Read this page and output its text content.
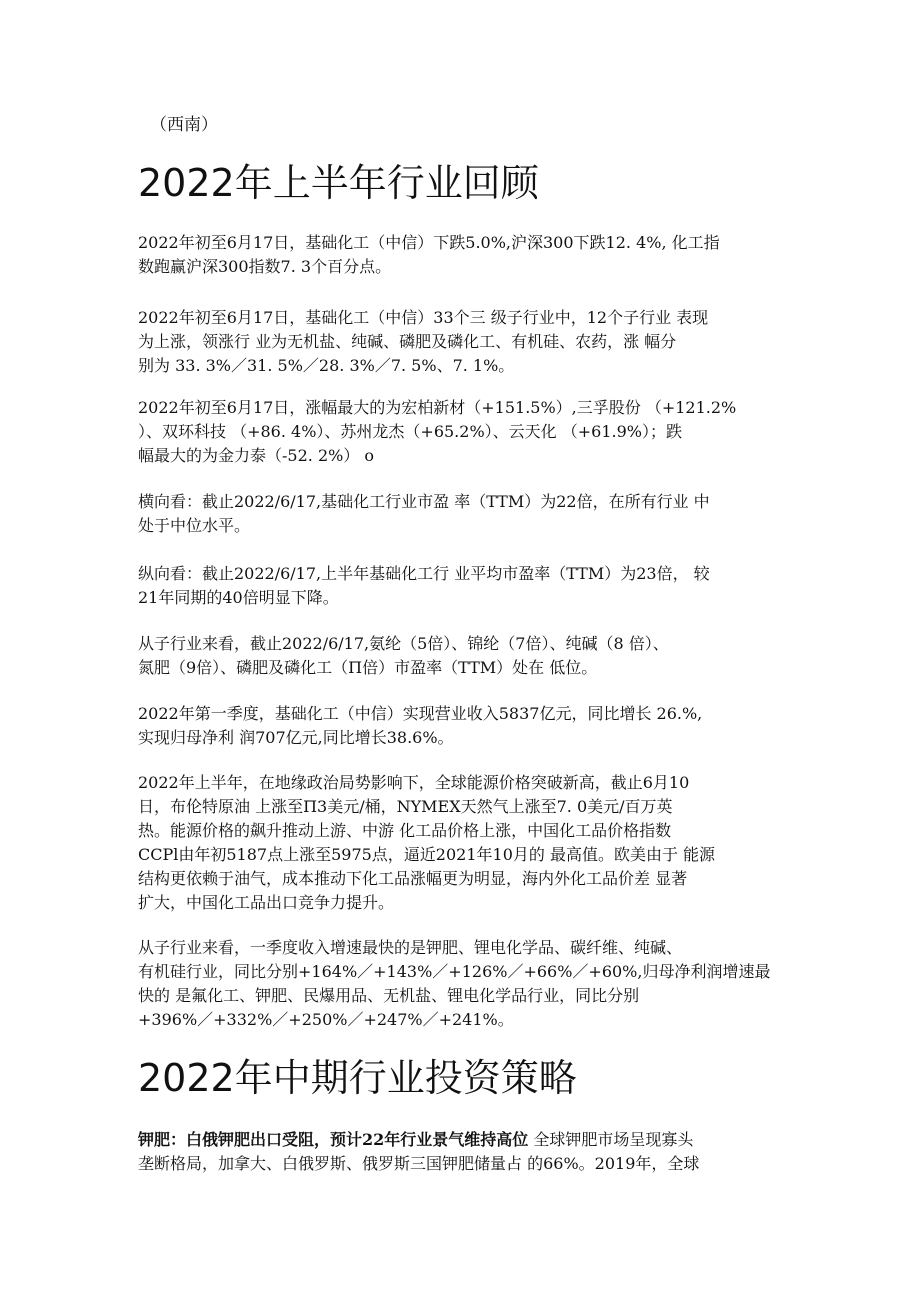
（西南）
2022年上半年行业回顾

2022年初至6月17日，基础化工（中信）下跌5.0%,沪深300下跌12. 4%, 化工指
数跑赢沪深300指数7. 3个百分点。

2022年初至6月17日，基础化工（中信）33个三 级子行业中，12个子行业 表现
为上涨，领涨行 业为无机盐、纯碱、磷肥及磷化工、有机硅、农药，涨 幅分
别为 33. 3%／31. 5%／28. 3%／7. 5%、7. 1%。

2022年初至6月17日，涨幅最大的为宏柏新材（+151.5%）,三孚股份 （+121.2%
）、双环科技 （+86. 4%）、苏州龙杰（+65.2%）、云天化 （+61.9%）；跌
幅最大的为金力泰（-52. 2%） o

横向看：截止2022/6/17,基础化工行业市盈 率（TTM）为22倍，在所有行业 中
处于中位水平。

纵向看：截止2022/6/17,上半年基础化工行 业平均市盈率（TTM）为23倍， 较
21年同期的40倍明显下降。

从子行业来看，截止2022/6/17,氨纶（5倍）、锦纶（7倍）、纯碱（8 倍）、
氮肥（9倍）、磷肥及磷化工（Π倍）市盈率（TTM）处在 低位。

2022年第一季度，基础化工（中信）实现营业收入5837亿元，同比增长 26.%,
实现归母净利 润707亿元,同比增长38.6%。

2022年上半年，在地缘政治局势影响下，全球能源价格突破新高，截止6月10
日，布伦特原油 上涨至Π3美元/桶，NYMEX天然气上涨至7. 0美元/百万英
热。能源价格的飙升推动上游、中游 化工品价格上涨，中国化工品价格指数
CCPl由年初5187点上涨至5975点，逼近2021年10月的 最高值。欧美由于 能源
结构更依赖于油气，成本推动下化工品涨幅更为明显，海内外化工品价差 显著
扩大，中国化工品出口竞争力提升。

从子行业来看，一季度收入增速最快的是钾肥、锂电化学品、碳纤维、纯碱、
有机硅行业，同比分别+164%／+143%／+126%／+66%／+60%,归母净利润增速最
快的 是氟化工、钾肥、民爆用品、无机盐、锂电化学品行业，同比分别
+396%／+332%／+250%／+247%／+241%。

2022年中期行业投资策略

钾肥：白俄钾肥出口受阻，预计22年行业景气维持高位 全球钾肥市场呈现寡头
垄断格局，加拿大、白俄罗斯、俄罗斯三国钾肥储量占 的66%。2019年，全球
